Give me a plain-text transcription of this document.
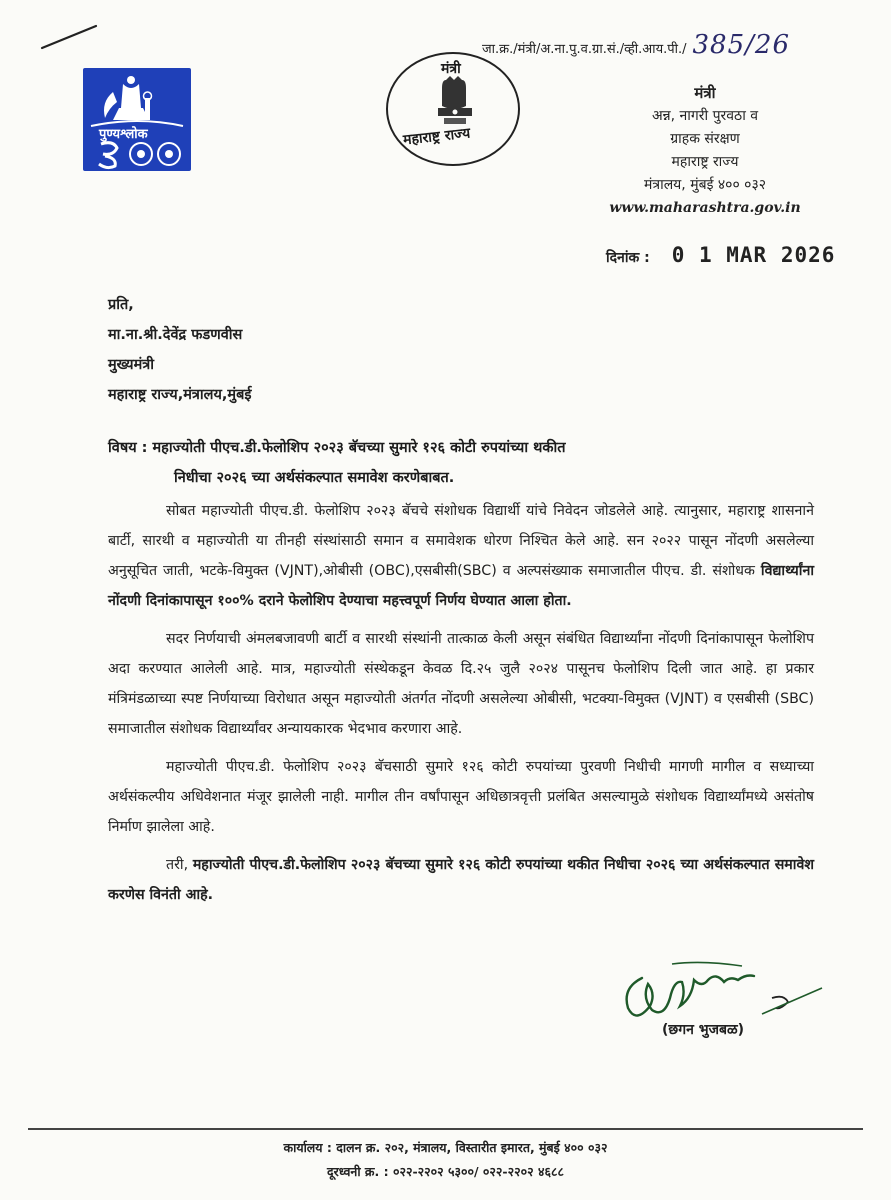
जा.क्र./मंत्री/अ.ना.पु.व.ग्रा.सं./व्ही.आय.पी./ 385/26
पुण्यश्लोक
मंत्री
महाराष्ट्र राज्य
मंत्री
अन्न, नागरी पुरवठा व
ग्राहक संरक्षण
महाराष्ट्र राज्य
मंत्रालय, मुंबई ४०० ०३२
www.maharashtra.gov.in
दिनांक : 0 1 MAR 2026
प्रति,
मा.ना.श्री.देवेंद्र फडणवीस
मुख्यमंत्री
महाराष्ट्र राज्य,मंत्रालय,मुंबई
विषय : महाज्योती पीएच.डी.फेलोशिप २०२३ बॅचच्या सुमारे १२६ कोटी रुपयांच्या थकीत
निधीचा २०२६ च्या अर्थसंकल्पात समावेश करणेबाबत.

सोबत महाज्योती पीएच.डी. फेलोशिप २०२३ बॅचचे संशोधक विद्यार्थी यांचे निवेदन जोडलेले आहे. त्यानुसार, महाराष्ट्र शासनाने बार्टी, सारथी व महाज्योती या तीनही संस्थांसाठी समान व समावेशक धोरण निश्चित केले आहे. सन २०२२ पासून नोंदणी असलेल्या अनुसूचित जाती, भटके-विमुक्त (VJNT),ओबीसी (OBC),एसबीसी(SBC) व अल्पसंख्याक समाजातील पीएच. डी. संशोधक विद्यार्थ्यांना नोंदणी दिनांकापासून १००% दराने फेलोशिप देण्याचा महत्त्वपूर्ण निर्णय घेण्यात आला होता.

सदर निर्णयाची अंमलबजावणी बार्टी व सारथी संस्थांनी तात्काळ केली असून संबंधित विद्यार्थ्यांना नोंदणी दिनांकापासून फेलोशिप अदा करण्यात आलेली आहे. मात्र, महाज्योती संस्थेकडून केवळ दि.२५ जुलै २०२४ पासूनच फेलोशिप दिली जात आहे. हा प्रकार मंत्रिमंडळाच्या स्पष्ट निर्णयाच्या विरोधात असून महाज्योती अंतर्गत नोंदणी असलेल्या ओबीसी, भटक्या-विमुक्त (VJNT) व एसबीसी (SBC) समाजातील संशोधक विद्यार्थ्यांवर अन्यायकारक भेदभाव करणारा आहे.

महाज्योती पीएच.डी. फेलोशिप २०२३ बॅचसाठी सुमारे १२६ कोटी रुपयांच्या पुरवणी निधीची मागणी मागील व सध्याच्या अर्थसंकल्पीय अधिवेशनात मंजूर झालेली नाही. मागील तीन वर्षांपासून अधिछात्रवृत्ती प्रलंबित असल्यामुळे संशोधक विद्यार्थ्यांमध्ये असंतोष निर्माण झालेला आहे.

तरी, महाज्योती पीएच.डी.फेलोशिप २०२३ बॅचच्या सुमारे १२६ कोटी रुपयांच्या थकीत निधीचा २०२६ च्या अर्थसंकल्पात समावेश करणेस विनंती आहे.

(छगन भुजबळ)
कार्यालय : दालन क्र. २०२, मंत्रालय, विस्तारीत इमारत, मुंबई ४०० ०३२
दूरध्वनी क्र. : ०२२-२२०२ ५३००/ ०२२-२२०२ ४६८८
